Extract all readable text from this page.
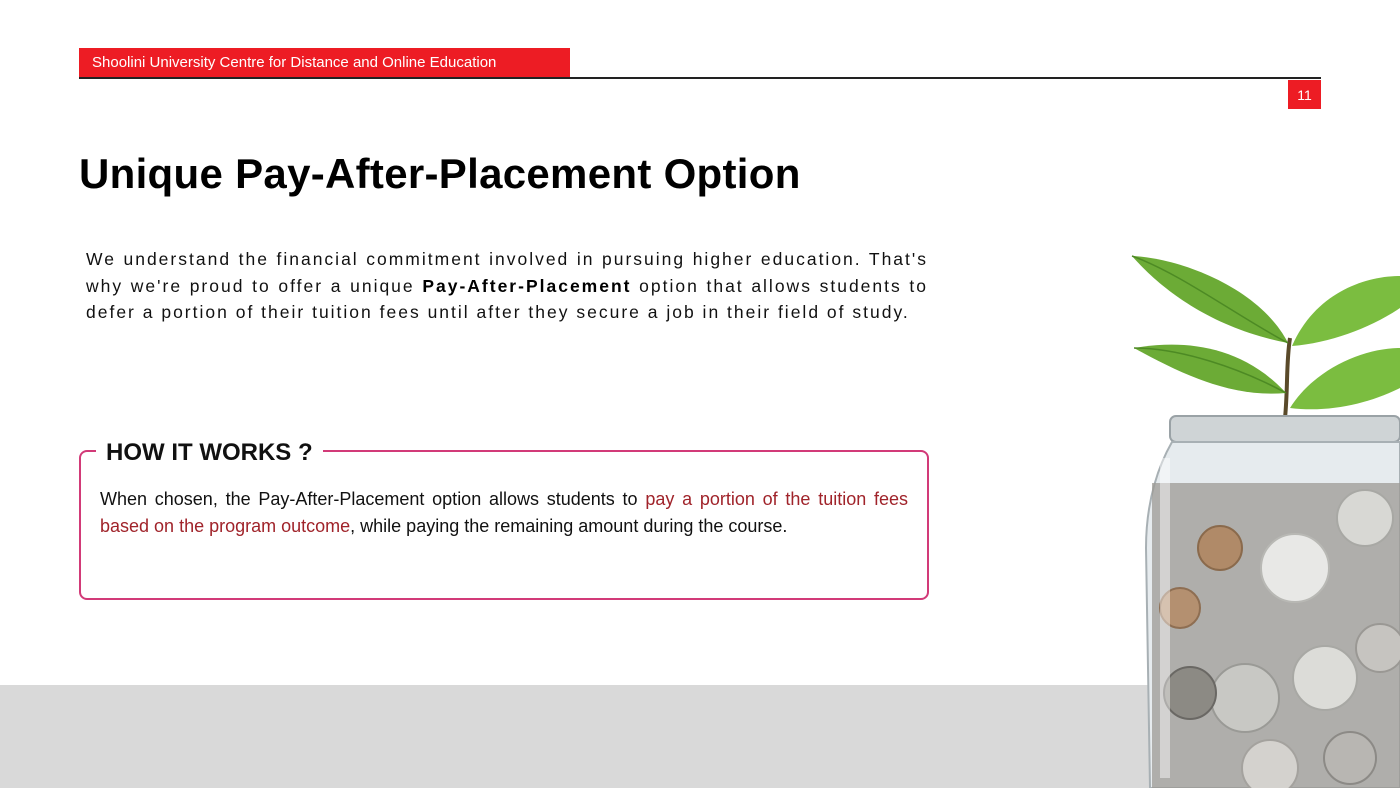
Shoolini University Centre for Distance and Online Education
11
Unique Pay-After-Placement Option

We understand the financial commitment involved in pursuing higher education. That's why we're proud to offer a unique Pay-After-Placement option that allows students to defer a portion of their tuition fees until after they secure a job in their field of study.

HOW IT WORKS ?

When chosen, the Pay-After-Placement option allows students to pay a portion of the tuition fees based on the program outcome, while paying the remaining amount during the course.
